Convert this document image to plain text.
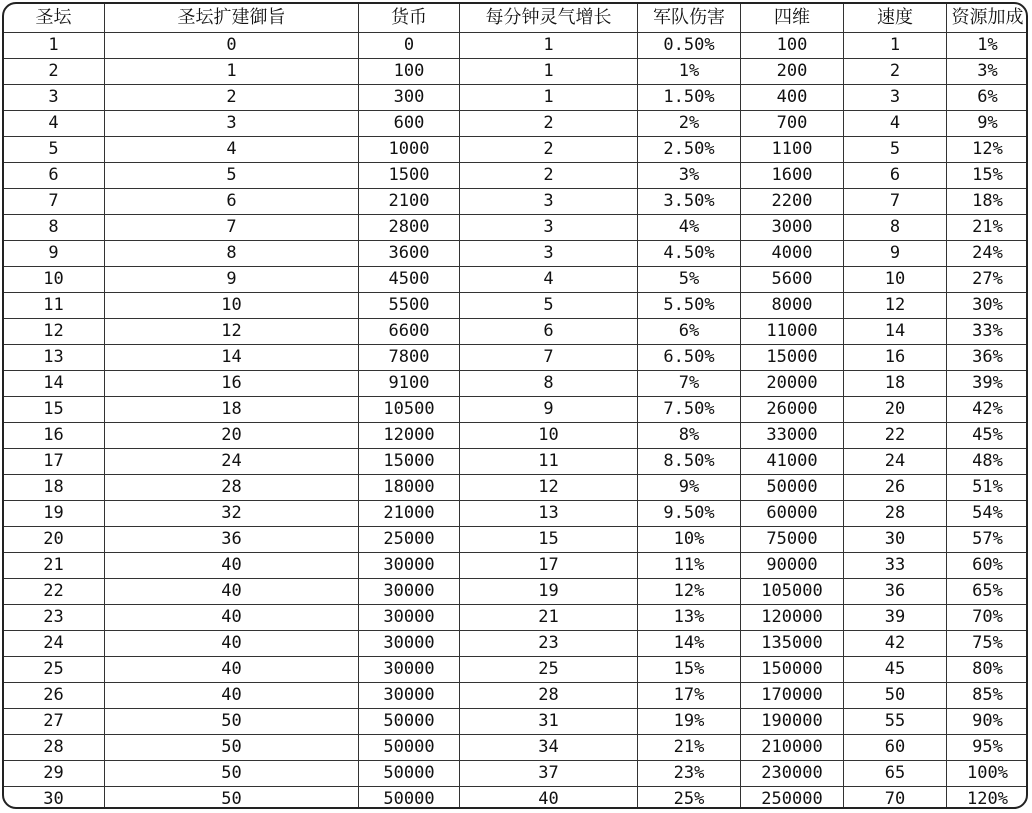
圣坛	圣坛扩建御旨	货币	每分钟灵气增长	军队伤害	四维	速度	资源加成
1	0	0	1	0.50%	100	1	1%
2	1	100	1	1%	200	2	3%
3	2	300	1	1.50%	400	3	6%
4	3	600	2	2%	700	4	9%
5	4	1000	2	2.50%	1100	5	12%
6	5	1500	2	3%	1600	6	15%
7	6	2100	3	3.50%	2200	7	18%
8	7	2800	3	4%	3000	8	21%
9	8	3600	3	4.50%	4000	9	24%
10	9	4500	4	5%	5600	10	27%
11	10	5500	5	5.50%	8000	12	30%
12	12	6600	6	6%	11000	14	33%
13	14	7800	7	6.50%	15000	16	36%
14	16	9100	8	7%	20000	18	39%
15	18	10500	9	7.50%	26000	20	42%
16	20	12000	10	8%	33000	22	45%
17	24	15000	11	8.50%	41000	24	48%
18	28	18000	12	9%	50000	26	51%
19	32	21000	13	9.50%	60000	28	54%
20	36	25000	15	10%	75000	30	57%
21	40	30000	17	11%	90000	33	60%
22	40	30000	19	12%	105000	36	65%
23	40	30000	21	13%	120000	39	70%
24	40	30000	23	14%	135000	42	75%
25	40	30000	25	15%	150000	45	80%
26	40	30000	28	17%	170000	50	85%
27	50	50000	31	19%	190000	55	90%
28	50	50000	34	21%	210000	60	95%
29	50	50000	37	23%	230000	65	100%
30	50	50000	40	25%	250000	70	120%
